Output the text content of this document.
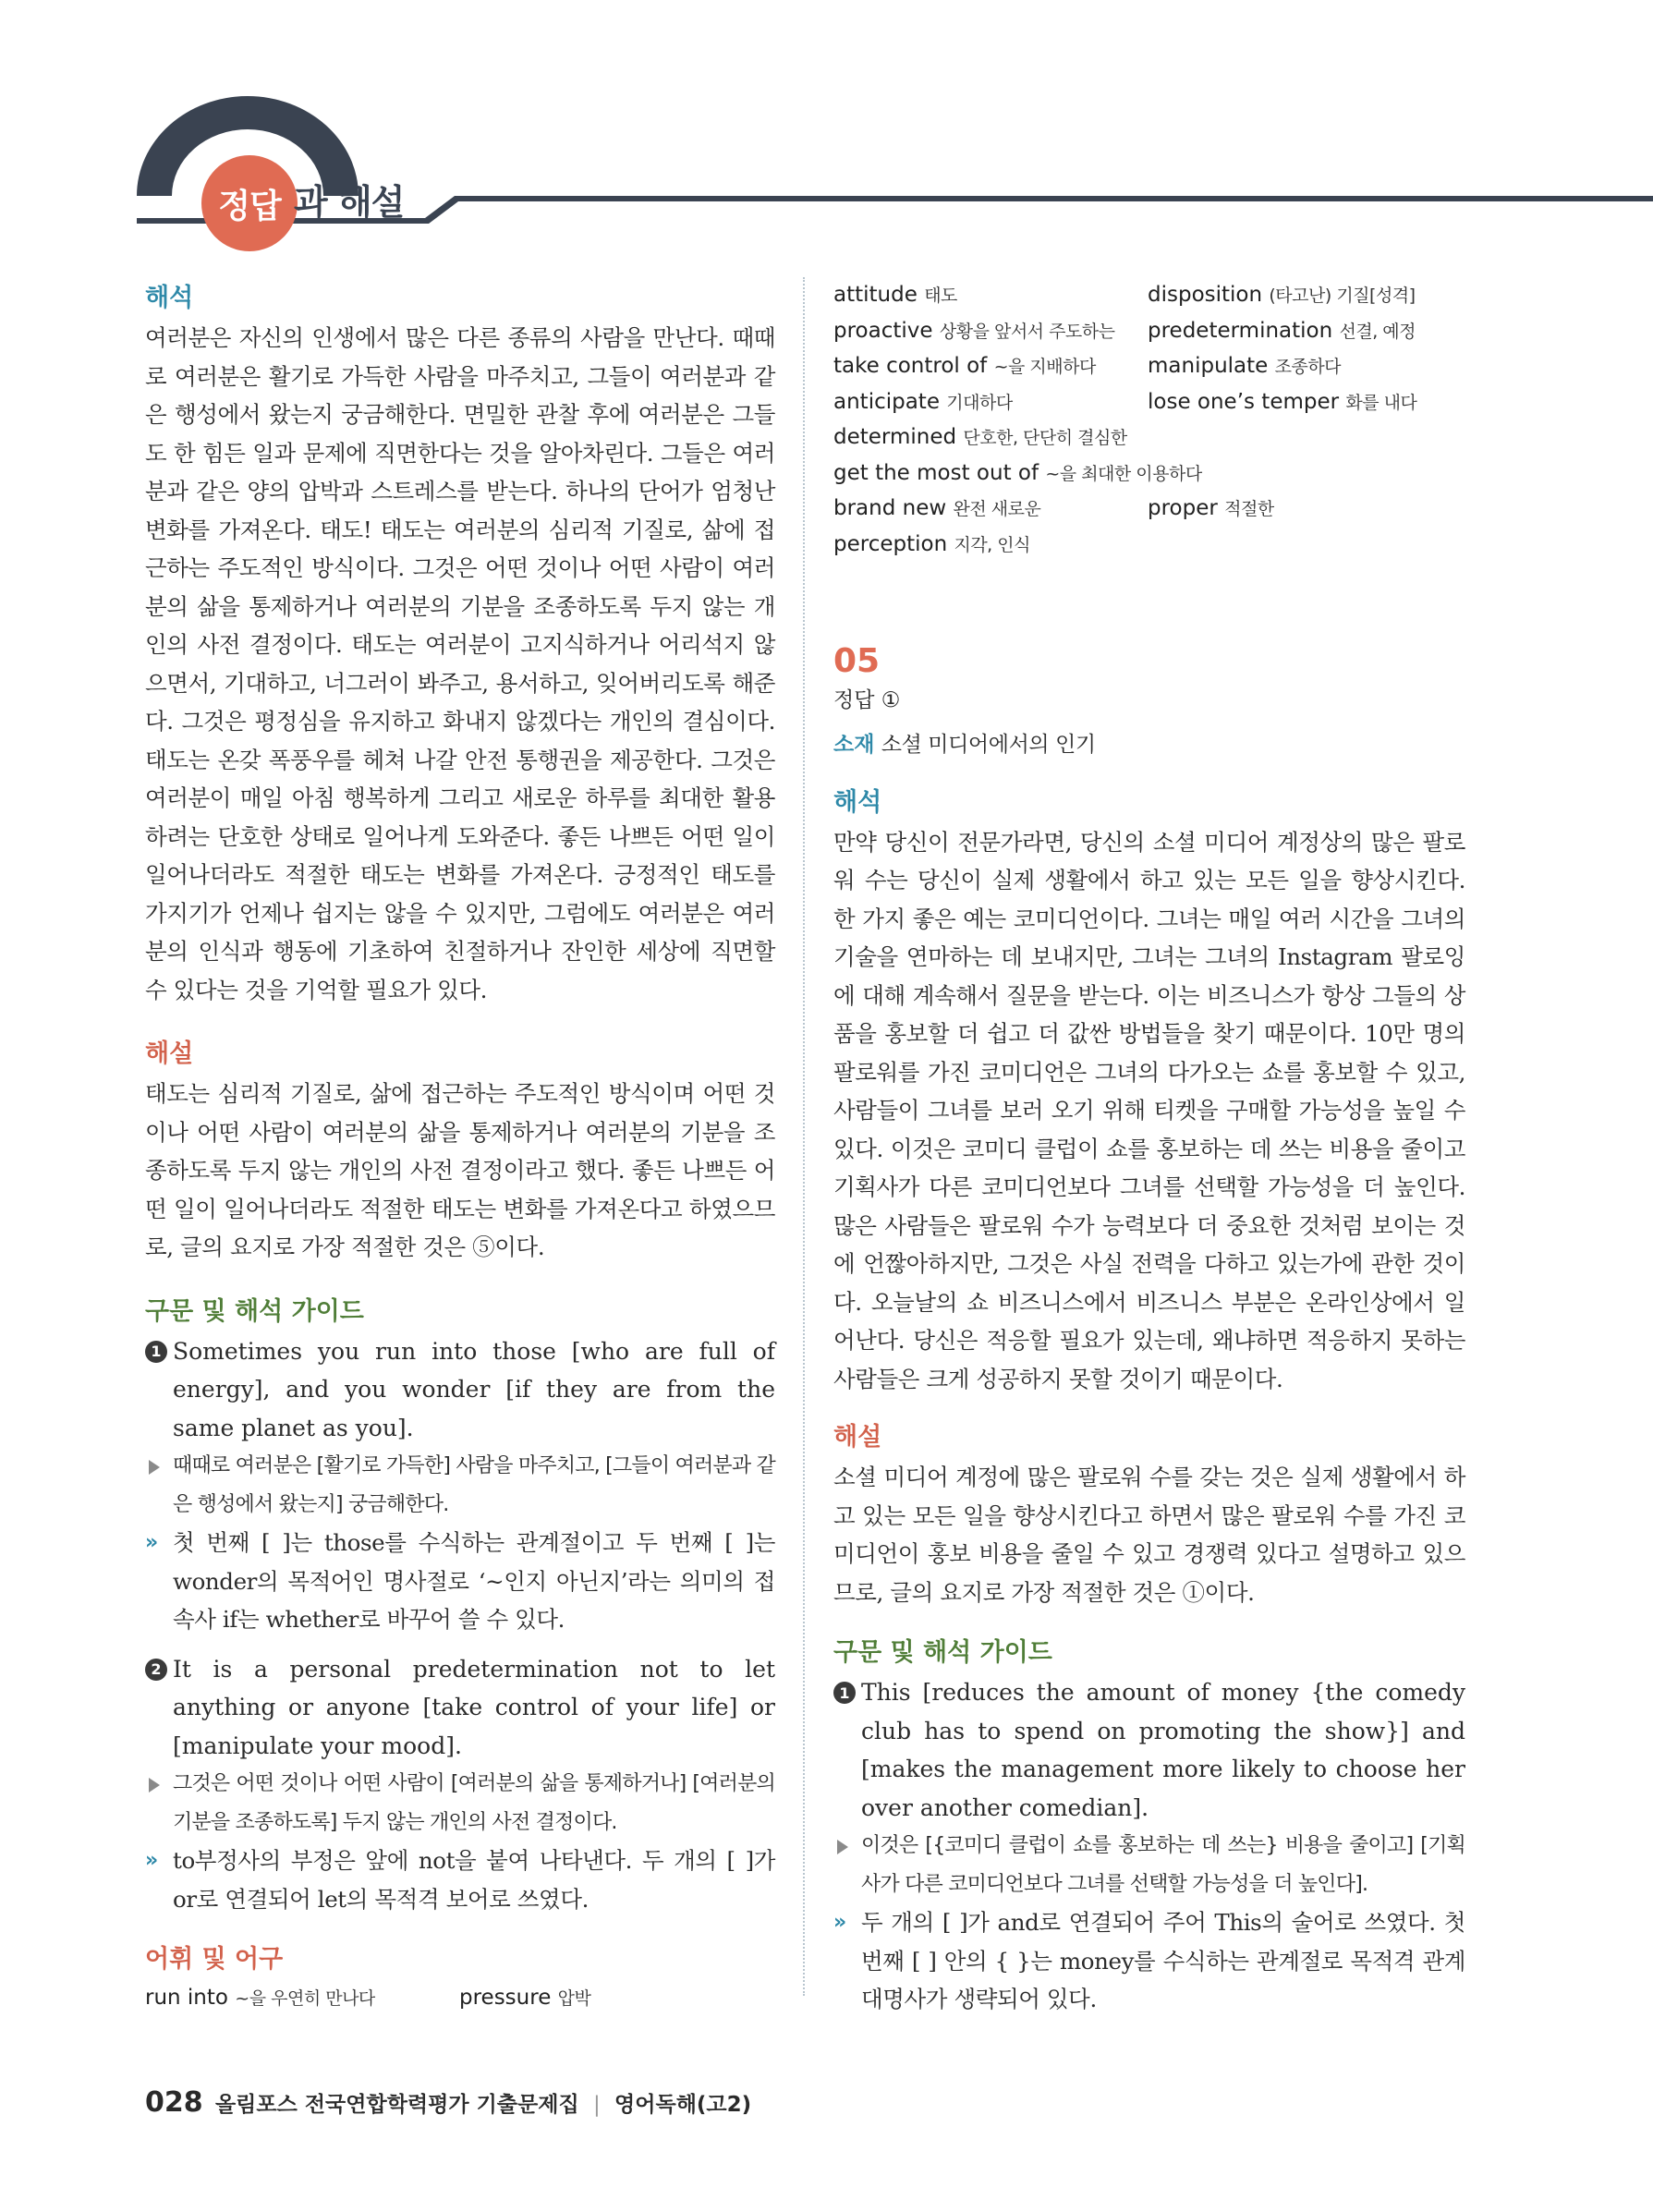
정답 과 해설
해석

여러분은 자신의 인생에서 많은 다른 종류의 사람을 만난다. 때때로 여러분은 활기로 가득한 사람을 마주치고, 그들이 여러분과 같은 행성에서 왔는지 궁금해한다. 면밀한 관찰 후에 여러분은 그들도 한 힘든 일과 문제에 직면한다는 것을 알아차린다. 그들은 여러분과 같은 양의 압박과 스트레스를 받는다. 하나의 단어가 엄청난 변화를 가져온다. 태도! 태도는 여러분의 심리적 기질로, 삶에 접근하는 주도적인 방식이다. 그것은 어떤 것이나 어떤 사람이 여러분의 삶을 통제하거나 여러분의 기분을 조종하도록 두지 않는 개인의 사전 결정이다. 태도는 여러분이 고지식하거나 어리석지 않으면서, 기대하고, 너그러이 봐주고, 용서하고, 잊어버리도록 해준다. 그것은 평정심을 유지하고 화내지 않겠다는 개인의 결심이다. 태도는 온갖 폭풍우를 헤쳐 나갈 안전 통행권을 제공한다. 그것은 여러분이 매일 아침 행복하게 그리고 새로운 하루를 최대한 활용하려는 단호한 상태로 일어나게 도와준다. 좋든 나쁘든 어떤 일이 일어나더라도 적절한 태도는 변화를 가져온다. 긍정적인 태도를 가지기가 언제나 쉽지는 않을 수 있지만, 그럼에도 여러분은 여러분의 인식과 행동에 기초하여 친절하거나 잔인한 세상에 직면할 수 있다는 것을 기억할 필요가 있다.

해설

태도는 심리적 기질로, 삶에 접근하는 주도적인 방식이며 어떤 것이나 어떤 사람이 여러분의 삶을 통제하거나 여러분의 기분을 조종하도록 두지 않는 개인의 사전 결정이라고 했다. 좋든 나쁘든 어떤 일이 일어나더라도 적절한 태도는 변화를 가져온다고 하였으므로, 글의 요지로 가장 적절한 것은 ⑤이다.

구문 및 해석 가이드
1 Sometimes you run into those [who are full of energy], and you wonder [if they are from the same planet as you].

때때로 여러분은 [활기로 가득한] 사람을 마주치고, [그들이 여러분과 같은 행성에서 왔는지] 궁금해한다.

» 첫 번째 [ ]는 those를 수식하는 관계절이고 두 번째 [ ]는 wonder의 목적어인 명사절로 ‘~인지 아닌지’라는 의미의 접속사 if는 whether로 바꾸어 쓸 수 있다.

2 It is a personal predetermination not to let anything or anyone [take control of your life] or [manipulate your mood].

그것은 어떤 것이나 어떤 사람이 [여러분의 삶을 통제하거나] [여러분의 기분을 조종하도록] 두지 않는 개인의 사전 결정이다.

» to부정사의 부정은 앞에 not을 붙여 나타낸다. 두 개의 [ ]가 or로 연결되어 let의 목적격 보어로 쓰였다.

어휘 및 어구
run into ~을 우연히 만나다	pressure 압박
attitude 태도	disposition (타고난) 기질[성격]
proactive 상황을 앞서서 주도하는 predetermination 선결, 예정
take control of ~을 지배하다 manipulate 조종하다
anticipate 기대하다	lose one’s temper 화를 내다
determined 단호한, 단단히 결심한
get the most out of ~을 최대한 이용하다
brand new 완전 새로운	proper 적절한
perception 지각, 인식

05

정답 ①

소재 소셜 미디어에서의 인기

해석

만약 당신이 전문가라면, 당신의 소셜 미디어 계정상의 많은 팔로워 수는 당신이 실제 생활에서 하고 있는 모든 일을 향상시킨다. 한 가지 좋은 예는 코미디언이다. 그녀는 매일 여러 시간을 그녀의 기술을 연마하는 데 보내지만, 그녀는 그녀의 Instagram 팔로잉에 대해 계속해서 질문을 받는다. 이는 비즈니스가 항상 그들의 상품을 홍보할 더 쉽고 더 값싼 방법들을 찾기 때문이다. 10만 명의 팔로워를 가진 코미디언은 그녀의 다가오는 쇼를 홍보할 수 있고, 사람들이 그녀를 보러 오기 위해 티켓을 구매할 가능성을 높일 수 있다. 이것은 코미디 클럽이 쇼를 홍보하는 데 쓰는 비용을 줄이고 기획사가 다른 코미디언보다 그녀를 선택할 가능성을 더 높인다. 많은 사람들은 팔로워 수가 능력보다 더 중요한 것처럼 보이는 것에 언짢아하지만, 그것은 사실 전력을 다하고 있는가에 관한 것이다. 오늘날의 쇼 비즈니스에서 비즈니스 부분은 온라인상에서 일어난다. 당신은 적응할 필요가 있는데, 왜냐하면 적응하지 못하는 사람들은 크게 성공하지 못할 것이기 때문이다.

해설

소셜 미디어 계정에 많은 팔로워 수를 갖는 것은 실제 생활에서 하고 있는 모든 일을 향상시킨다고 하면서 많은 팔로워 수를 가진 코미디언이 홍보 비용을 줄일 수 있고 경쟁력 있다고 설명하고 있으므로, 글의 요지로 가장 적절한 것은 ①이다.

구문 및 해석 가이드
1 This [reduces the amount of money {the comedy club has to spend on promoting the show}] and [makes the management more likely to choose her over another comedian].

이것은 [{코미디 클럽이 쇼를 홍보하는 데 쓰는} 비용을 줄이고] [기획사가 다른 코미디언보다 그녀를 선택할 가능성을 더 높인다].

» 두 개의 [ ]가 and로 연결되어 주어 This의 술어로 쓰였다. 첫 번째 [ ] 안의 { }는 money를 수식하는 관계절로 목적격 관계대명사가 생략되어 있다.

028 올림포스 전국연합학력평가 기출문제집 | 영어독해(고2)
